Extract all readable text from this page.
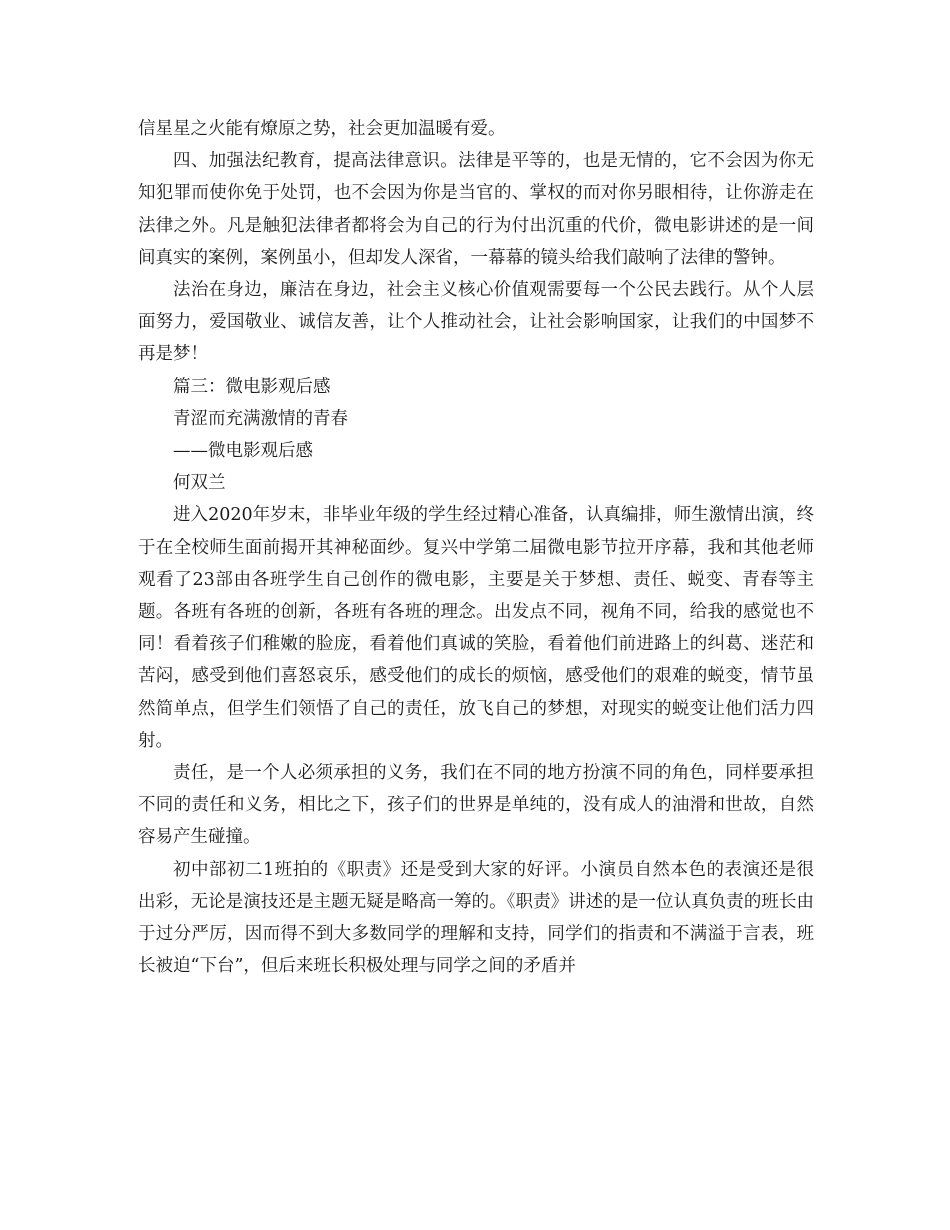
信星星之火能有燎原之势，社会更加温暖有爱。

四、加强法纪教育，提高法律意识。法律是平等的，也是无情的，它不会因为你无知犯罪而使你免于处罚，也不会因为你是当官的、掌权的而对你另眼相待，让你游走在法律之外。凡是触犯法律者都将会为自己的行为付出沉重的代价，微电影讲述的是一间间真实的案例，案例虽小，但却发人深省，一幕幕的镜头给我们敲响了法律的警钟。

法治在身边，廉洁在身边，社会主义核心价值观需要每一个公民去践行。从个人层面努力，爱国敬业、诚信友善，让个人推动社会，让社会影响国家，让我们的中国梦不再是梦！

篇三：微电影观后感

青涩而充满激情的青春

——微电影观后感

何双兰

进入2020年岁末，非毕业年级的学生经过精心准备，认真编排，师生激情出演，终于在全校师生面前揭开其神秘面纱。复兴中学第二届微电影节拉开序幕，我和其他老师观看了23部由各班学生自己创作的微电影，主要是关于梦想、责任、蜕变、青春等主题。各班有各班的创新，各班有各班的理念。出发点不同，视角不同，给我的感觉也不同！看着孩子们稚嫩的脸庞，看着他们真诚的笑脸，看着他们前进路上的纠葛、迷茫和苦闷，感受到他们喜怒哀乐，感受他们的成长的烦恼，感受他们的艰难的蜕变，情节虽然简单点，但学生们领悟了自己的责任，放飞自己的梦想，对现实的蜕变让他们活力四射。

责任，是一个人必须承担的义务，我们在不同的地方扮演不同的角色，同样要承担不同的责任和义务，相比之下，孩子们的世界是单纯的，没有成人的油滑和世故，自然容易产生碰撞。

初中部初二1班拍的《职责》还是受到大家的好评。小演员自然本色的表演还是很出彩，无论是演技还是主题无疑是略高一筹的。《职责》讲述的是一位认真负责的班长由于过分严厉，因而得不到大多数同学的理解和支持，同学们的指责和不满溢于言表，班长被迫“下台”，但后来班长积极处理与同学之间的矛盾并
